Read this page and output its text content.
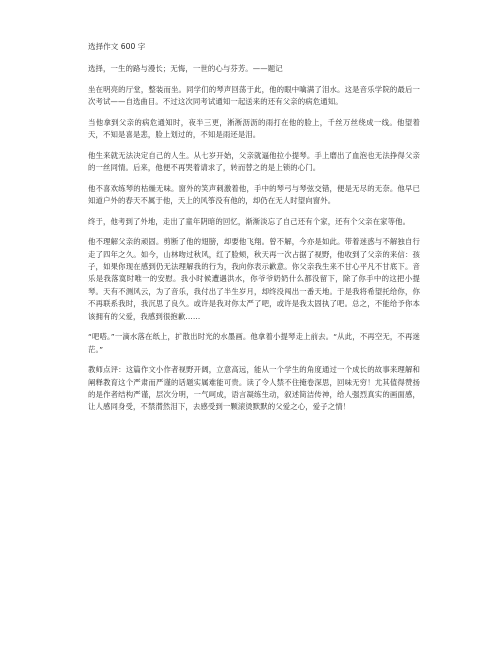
选择作文 600 字

选择，一生的路与漫长；无悔，一世的心与芬芳。——题记

坐在明亮的厅堂，整装而坐。同学们的琴声回荡于此，他的眼中噙满了泪水。这是音乐学院的最后一次考试——自选曲目。不过这次同考试通知一起送来的还有父亲的病危通知。

当他拿到父亲的病危通知时，夜半三更，淅淅沥沥的雨打在他的脸上，千丝万丝绕成一线。他望着天，不知是喜是悲，脸上划过的，不知是雨还是泪。

他生来就无法决定自己的人生。从七岁开始，父亲就逼他拉小提琴。手上磨出了血泡也无法挣得父亲的一丝同情。后来，他便不再哭着请求了，转而替之的是上锁的心门。

他不喜欢练琴的枯燥无味。窗外的笑声刺激着他，手中的琴弓与琴弦交错，便是无尽的无奈。他早已知道户外的春天不属于他，天上的风筝没有他的，却仍在无人时望向窗外。

终于，他考到了外地，走出了童年阴暗的回忆，渐渐淡忘了自己还有个家，还有个父亲在家等他。

他不理解父亲的顽固。剪断了他的翅膀，却要他飞翔。曾不解，今亦是如此。带着迷惑与不解独自行走了四年之久。如今，山林吻过秋风，红了脸颊，秋天再一次占据了视野，他收到了父亲的来信：孩子，如果你现在感到仍无法理解我的行为，我向你表示歉意。你父亲我生来不甘心平凡不甘底下。音乐是我落寞时唯一的安慰。我小时候遭遇洪水，你爷爷奶奶什么都没留下，除了你手中的这把小提琴。天有不测风云，为了音乐，我付出了半生岁月，却终没闯出一番天地。于是我将希望托给你，你不再联系我时，我沉思了良久。或许是我对你太严了吧，或许是我太固执了吧。总之，不能给予你本该拥有的父爱，我感到很抱歉……

“吧嗒。”一滴水落在纸上，扩散出时光的水墨画。他拿着小提琴走上前去。“从此，不再空无，不再迷茫。”

教师点评：这篇作文小作者视野开阔，立意高远，能从一个学生的角度通过一个成长的故事来理解和阐释教育这个严肃而严谨的话题实属难能可贵。读了令人禁不住掩卷深思，回味无穷！尤其值得赞扬的是作者结构严谨，层次分明，一气呵成，语言凝练生动，叙述简洁传神，给人强烈真实的画面感，让人感同身受，不禁潸然泪下，去感受到一颗滚烫默默的父爱之心，爱子之情！
